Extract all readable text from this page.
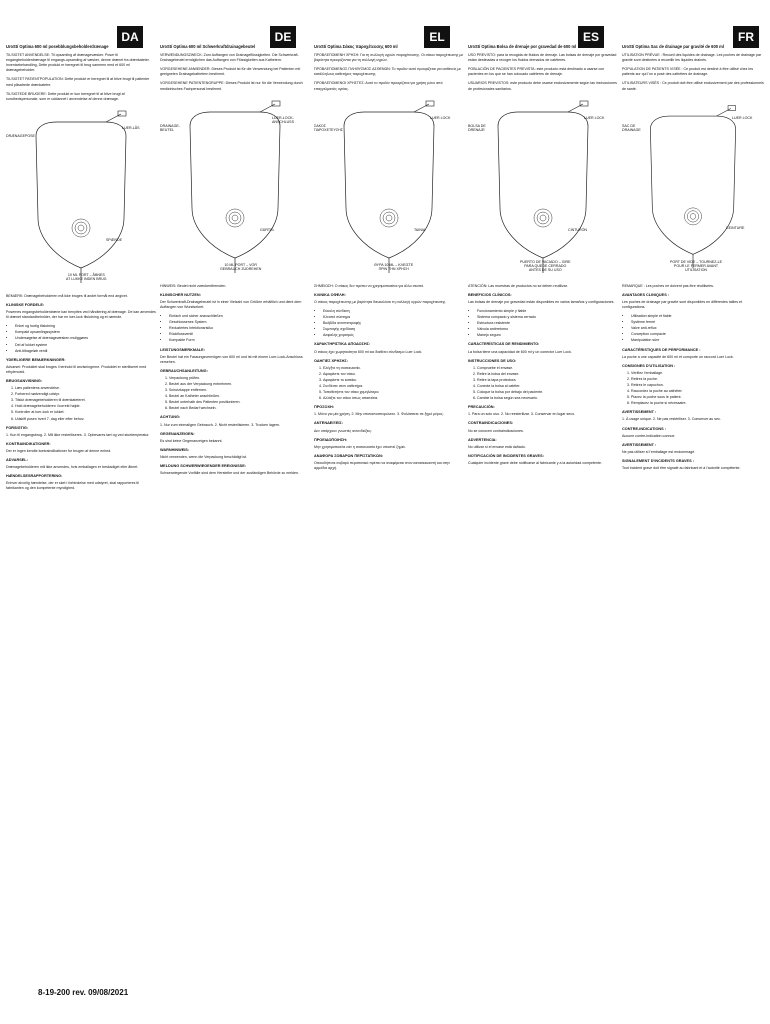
DA
UroStí Optima 600 ml posebblungsbeholderdrænage

TILSIGTET ANVENDELSE: Til opsamling af drænagevæsker. Poser til engangbeholderdrænage til engangs-opsamling af væsker, denne drænet fra drænkateter. Inventarbehandling, Dette produkt er beregnet til brug sammen med et 600 ml drænagebeholder.

TILSIGTET PATIENTPOPULATION: Dette produkt er beregnet til at blive brugt til patienter med påsatrede drænkatetre.

TILSIGTEDE BRUGERE: Dette produkt er kun beregnet til at blive brugt af sundhedspersonale, som er uddannet i anvendelse af denne drænage.

DRÆNAGEPOSE
LUER-LÅS
SPÆNDE
10 ML PORT – ÅBNES
AT LUKKE INDEN BRUG

BEMÆRK: Drænagebeholderen må ikke bruges til andet formål end angivet.

KLINISKE FORDELE:

Posernes engangsbeholderdræne kan benyttes ved håndtering af drænage. De kan anvendes til drænet standardbeholder, der har en luer-lock tilslutning og et rørende.

• Enkel og hurtig tilslutning
• Kompakt opsamlingssystem
• Undersøgelse af drænagevæsken muliggøres
• Del af lukket system
• Anti-tilbageløb ventil
YDERLIGERE BEMÆRKNINGER:

Advarsel: Produktet skal bruges i henhold til anvisningerne. Produktet er steriliseret med ethylenoxid.

BRUGSANVISNING:
1. Læs patientens anvendelse.
2. Forbered nødvendigt udstyr.
3. Tilslut drænagebeholderen til drænkateteret.
4. Hold drænagebeholderen i korrekt højde.
5. Kontroller at luer-lock er lukket.
6. Udskift posen hvert 7. dag eller efter behov.
FORSIGTIG:

1. Kun til engangsbrug. 2. Må ikke resteriliseres. 3. Opbevares tørt og ved stuetemperatur.

KONTRAINDIKATIONER:

Der er ingen kendte kontraindikationer for brugen af denne enhed.

ADVARSEL:

Drænagebeholderen må ikke anvendes, hvis emballagen er beskadiget eller åbnet.

HÆNDELSESRAPPORTERING:

Enhver alvorlig hændelse, der er sket i forbindelse med udstyret, skal rapporteres til fabrikanten og den kompetente myndighed.

DE
UroStí Optima 600 ml Schwerkraftdrainagebeutel

VERWENDUNGSZWECK: Zum Auffangen von Drainageflüssigkeiten. Die Schwerkraft-Drainagebeutel ermöglichen das Auffangen von Flüssigkeiten aus Kathetern.

VORGESEHENE ANWENDER: Dieses Produkt ist für die Verwendung bei Patienten mit geeigneten Drainagekathetern bestimmt.

VORGESEHENE PATIENTENGRUPPE: Dieses Produkt ist nur für die Verwendung durch medizinisches Fachpersonal bestimmt.

DRAINAGE-
BEUTEL
LUER-LOCK-
ANSCHLUSS
GÜRTEL
10 ML PORT – VOR
GEBRAUCH ZUDREHEN

HINWEIS: Beutel nicht zweckentfremden.

KLINISCHER NUTZEN:

Der Schwerkraft-Drainagebeutel ist in einer Vielzahl von Größen erhältlich und dient dem Auffangen von Wundsekret.

• Einfach und sicher anzuschließen
• Geschlossenes System
• Reduziertes Infektionsrisiko
• Rückflussventil
• Kompakte Form
LEISTUNGSMERKMALE:

Der Beutel hat ein Fassungsvermögen von 600 ml und ist mit einem Luer-Lock-Anschluss versehen.

GEBRAUCHSANLEITUNG:
1. Verpackung prüfen.
2. Beutel aus der Verpackung entnehmen.
3. Schutzkappe entfernen.
4. Beutel an Katheter anschließen.
5. Beutel unterhalb des Patienten positionieren.
6. Beutel nach Bedarf wechseln.
ACHTUNG:

1. Nur zum einmaligen Gebrauch. 2. Nicht resterilisieren. 3. Trocken lagern.

GEGENANZEIGEN:

Es sind keine Gegenanzeigen bekannt.

WARNHINWEIS:

Nicht verwenden, wenn die Verpackung beschädigt ist.

MELDUNG SCHWERWIEGENDER EREIGNISSE:

Schwerwiegende Vorfälle sind dem Hersteller und der zuständigen Behörde zu melden.

EL
UroStí Optima Σάκος παροχέτευσης 600 ml

ΠΡΟΒΛΕΠΟΜΕΝΗ ΧΡΗΣΗ: Για τη συλλογή υγρών παροχέτευσης. Οι σάκοι παροχέτευσης με βαρύτητα προορίζονται για τη συλλογή υγρών.

ΠΡΟΒΛΕΠΟΜΕΝΟΣ ΠΛΗΘΥΣΜΟΣ ΑΣΘΕΝΩΝ: Το προϊόν αυτό προορίζεται για ασθενείς με κατάλληλους καθετήρες παροχέτευσης.

ΠΡΟΒΛΕΠΟΜΕΝΟΙ ΧΡΗΣΤΕΣ: Αυτό το προϊόν προορίζεται για χρήση μόνο από επαγγελματίες υγείας.

ΣΑΚΟΣ
ΠΑΡΟΧΕΤΕΥΣΗΣ
LUER LOCK
ΤΑΙΝΙΑ
ΘΥΡΑ 10 ML – ΚΛΕΙΣΤΕ
ΠΡΙΝ ΤΗΝ ΧΡΗΣΗ

ΣΗΜΕΙΩΣΗ: Ο σάκος δεν πρέπει να χρησιμοποιείται για άλλο σκοπό.

ΚΛΙΝΙΚΑ ΟΦΕΛΗ:

Ο σάκος παροχέτευσης με βαρύτητα διευκολύνει τη συλλογή υγρών παροχέτευσης.

• Εύκολη σύνδεση
• Κλειστό σύστημα
• Βαλβίδα αντεπιστροφής
• Συμπαγής σχεδίαση
• Ασφαλής χειρισμός
ΧΑΡΑΚΤΗΡΙΣΤΙΚΑ ΑΠΟΔΟΣΗΣ:

Ο σάκος έχει χωρητικότητα 600 ml και διαθέτει σύνδεσμο Luer Lock.

ΟΔΗΓΙΕΣ ΧΡΗΣΗΣ:
1. Ελέγξτε τη συσκευασία.
2. Αφαιρέστε τον σάκο.
3. Αφαιρέστε το καπάκι.
4. Συνδέστε στον καθετήρα.
5. Τοποθετήστε τον σάκο χαμηλότερα.
6. Αλλάξτε τον σάκο όπως απαιτείται.
ΠΡΟΣΟΧΗ:

1. Μόνο για μία χρήση. 2. Μην επαναποστειρώνετε. 3. Φυλάσσετε σε ξηρό μέρος.

ΑΝΤΕΝΔΕΙΞΕΙΣ:

Δεν υπάρχουν γνωστές αντενδείξεις.

ΠΡΟΕΙΔΟΠΟΙΗΣΗ:

Μην χρησιμοποιείτε εάν η συσκευασία έχει υποστεί ζημιά.

ΑΝΑΦΟΡΑ ΣΟΒΑΡΩΝ ΠΕΡΙΣΤΑΤΙΚΩΝ:

Οποιοδήποτε σοβαρό περιστατικό πρέπει να αναφέρεται στον κατασκευαστή και στην αρμόδια αρχή.

ES
UroStí Optima Bolsa de drenaje por gravedad de 600 ml

USO PREVISTO: para la recogida de fluidos de drenaje. Las bolsas de drenaje por gravedad están destinadas a recoger los fluidos drenados de catéteres.

POBLACIÓN DE PACIENTES PREVISTA: este producto está destinado a usarse con pacientes en los que se han colocado catéteres de drenaje.

USUARIOS PREVISTOS: este producto debe usarse exclusivamente según las instrucciones de profesionales sanitarios.

BOLSA DE
DRENAJE
LUER LOCK
CINTURÓN
PUERTO DE VACIADO – GIRE
PARA QUEDE CERRADO
ANTES DE SU USO

ATENCIÓN: Las muestras de productos no se deben reutilizar.

BENEFICIOS CLÍNICOS:

Las bolsas de drenaje por gravedad están disponibles en varios tamaños y configuraciones.

• Funcionamiento simple y fiable
• Sistema compacto y sistema cerrado
• Estructura resistente
• Válvula antirretorno
• Manejo seguro
CARACTERÍSTICAS DE RENDIMIENTO:

La bolsa tiene una capacidad de 600 ml y un conector Luer Lock.

INSTRUCCIONES DE USO:
1. Compruebe el envase.
2. Retire la bolsa del envase.
3. Retire la tapa protectora.
4. Conecte la bolsa al catéter.
5. Coloque la bolsa por debajo del paciente.
6. Cambie la bolsa según sea necesario.
PRECAUCIÓN:

1. Para un solo uso. 2. No reesterilizar. 3. Conservar en lugar seco.

CONTRAINDICACIONES:

No se conocen contraindicaciones.

ADVERTENCIA:

No utilizar si el envase está dañado.

NOTIFICACIÓN DE INCIDENTES GRAVES:

Cualquier incidente grave debe notificarse al fabricante y a la autoridad competente.

FR
UroStí Optima Sac de drainage par gravité de 600 ml

UTILISATION PRÉVUE : Recueil des liquides de drainage. Les poches de drainage par gravité sont destinées à recueillir les liquides drainés.

POPULATION DE PATIENTS VISÉE : Ce produit est destiné à être utilisé chez les patients sur qui l'on a posé des cathéters de drainage.

UTILISATEURS VISÉS : Ce produit doit être utilisé exclusivement par des professionnels de santé.

SAC DE
DRAINAGE
LUER LOCK
CEINTURE
PORT DE VIDE – TOURNEZ-LE
POUR LE FERMER AVANT
UTILISATION

REMARQUE : Les poches ne doivent pas être réutilisées.

AVANTAGES CLINIQUES :

Les poches de drainage par gravité sont disponibles en différentes tailles et configurations.

• Utilisation simple et fiable
• Système fermé
• Valve anti-reflux
• Conception compacte
• Manipulation sûre
CARACTÉRISTIQUES DE PERFORMANCE :

La poche a une capacité de 600 ml et comporte un raccord Luer Lock.

CONSIGNES D'UTILISATION :
1. Vérifiez l'emballage.
2. Retirez la poche.
3. Retirez le capuchon.
4. Raccordez la poche au cathéter.
5. Placez la poche sous le patient.
6. Remplacez la poche si nécessaire.
AVERTISSEMENT :

1. À usage unique. 2. Ne pas restériliser. 3. Conserver au sec.

CONTRE-INDICATIONS :

Aucune contre-indication connue.

AVERTISSEMENT :

Ne pas utiliser si l'emballage est endommagé.

SIGNALEMENT D'INCIDENTS GRAVES :

Tout incident grave doit être signalé au fabricant et à l'autorité compétente.

8-19-200 rev. 09/08/2021
